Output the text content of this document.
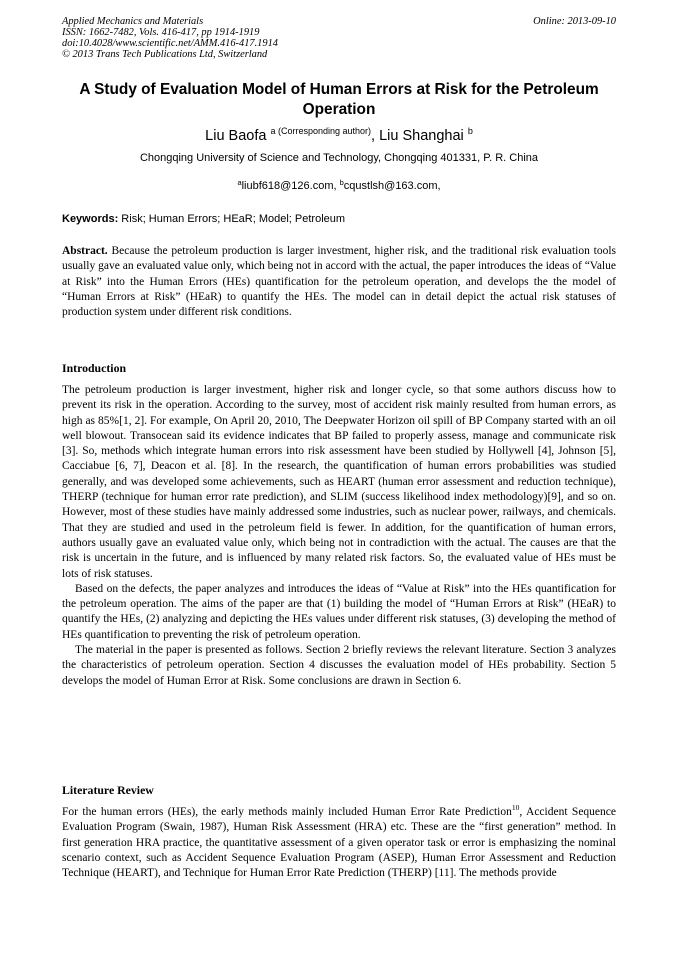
Applied Mechanics and Materials
ISSN: 1662-7482, Vols. 416-417, pp 1914-1919
doi:10.4028/www.scientific.net/AMM.416-417.1914
© 2013 Trans Tech Publications Ltd, Switzerland
Online: 2013-09-10
A Study of Evaluation Model of Human Errors at Risk for the Petroleum
Operation
Liu Baofa $^{a (Corresponding author)}$, Liu Shanghai $^b$
Chongqing University of Science and Technology, Chongqing 401331, P. R. China
$^a$liubf618@126.com, $^b$cqustlsh@163.com,
Keywords: Risk; Human Errors; HEaR; Model; Petroleum

Abstract. Because the petroleum production is larger investment, higher risk, and the traditional risk evaluation tools usually gave an evaluated value only, which being not in accord with the actual, the paper introduces the ideas of “Value at Risk” into the Human Errors (HEs) quantification for the petroleum operation, and develops the the model of “Human Errors at Risk” (HEaR) to quantify the HEs. The model can in detail depict the actual risk statuses of production system under different risk conditions.

Introduction

The petroleum production is larger investment, higher risk and longer cycle, so that some authors discuss how to prevent its risk in the operation. According to the survey, most of accident risk mainly resulted from human errors, as high as 85%[1, 2]. For example, On April 20, 2010, The Deepwater Horizon oil spill of BP Company started with an oil well blowout. Transocean said its evidence indicates that BP failed to properly assess, manage and communicate risk [3]. So, methods which integrate human errors into risk assessment have been studied by Hollywell [4], Johnson [5], Cacciabue [6, 7], Deacon et al. [8]. In the research, the quantification of human errors probabilities was studied generally, and was developed some achievements, such as HEART (human error assessment and reduction technique), THERP (technique for human error rate prediction), and SLIM (success likelihood index methodology)[9], and so on. However, most of these studies have mainly addressed some industries, such as nuclear power, railways, and chemicals. That they are studied and used in the petroleum field is fewer. In addition, for the quantification of human errors, authors usually gave an evaluated value only, which being not in contradiction with the actual. The causes are that the risk is uncertain in the future, and is influenced by many related risk factors. So, the evaluated value of HEs must be lots of risk statuses.

Based on the defects, the paper analyzes and introduces the ideas of “Value at Risk” into the HEs quantification for the petroleum operation. The aims of the paper are that (1) building the model of “Human Errors at Risk” (HEaR) to quantify the HEs, (2) analyzing and depicting the HEs values under different risk statuses, (3) developing the method of HEs quantification to preventing the risk of petroleum operation.

The material in the paper is presented as follows. Section 2 briefly reviews the relevant literature. Section 3 analyzes the characteristics of petroleum operation. Section 4 discusses the evaluation model of HEs probability. Section 5 develops the model of Human Error at Risk. Some conclusions are drawn in Section 6.

Literature Review

For the human errors (HEs), the early methods mainly included Human Error Rate Prediction$^{10}$, Accident Sequence Evaluation Program (Swain, 1987), Human Risk Assessment (HRA) etc. These are the “first generation” method. In first generation HRA practice, the quantitative assessment of a given operator task or error is emphasizing the nominal scenario context, such as Accident Sequence Evaluation Program (ASEP), Human Error Assessment and Reduction Technique (HEART), and Technique for Human Error Rate Prediction (THERP) [11]. The methods provide
